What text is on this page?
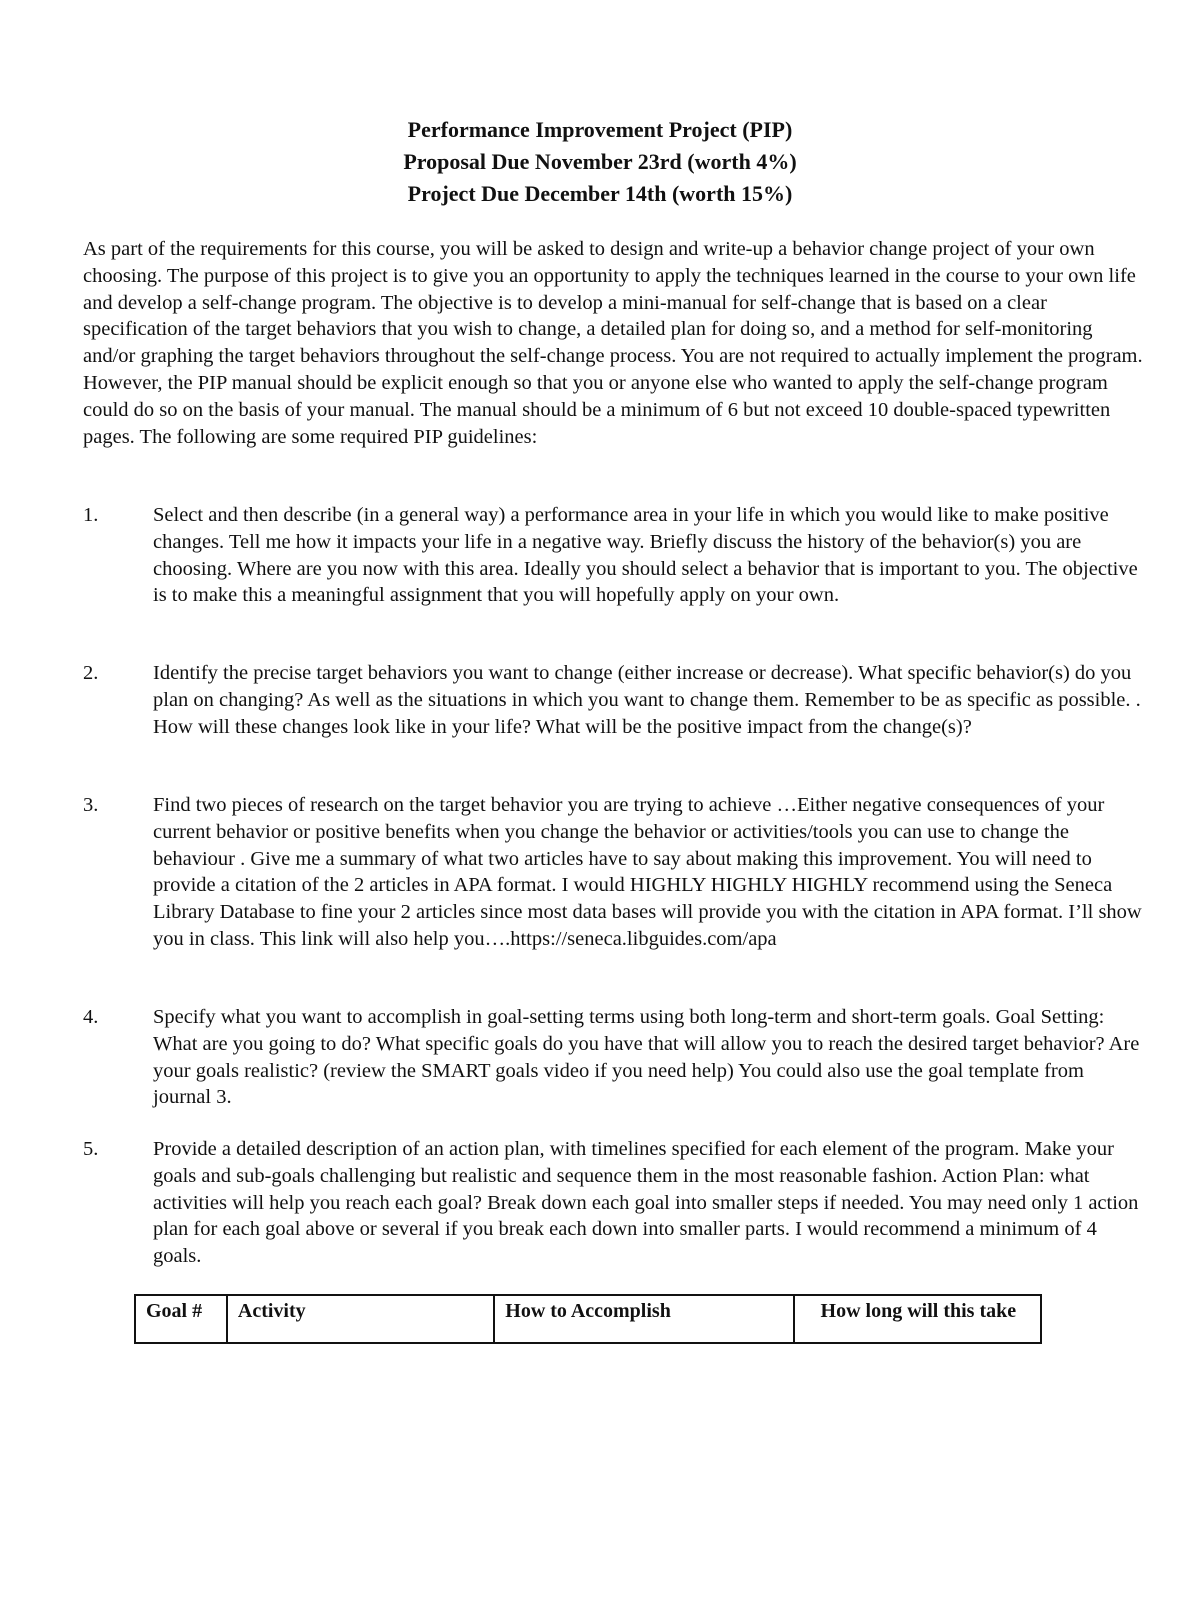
Performance Improvement Project (PIP)
Proposal Due November 23rd (worth 4%)
Project Due December 14th (worth 15%)

As part of the requirements for this course, you will be asked to design and write-up a behavior change project of your own choosing. The purpose of this project is to give you an opportunity to apply the techniques learned in the course to your own life and develop a self-change program. The objective is to develop a mini-manual for self-change that is based on a clear specification of the target behaviors that you wish to change, a detailed plan for doing so, and a method for self-monitoring and/or graphing the target behaviors throughout the self-change process. You are not required to actually implement the program. However, the PIP manual should be explicit enough so that you or anyone else who wanted to apply the self-change program could do so on the basis of your manual. The manual should be a minimum of 6 but not exceed 10 double-spaced typewritten pages. The following are some required PIP guidelines:

1.	Select and then describe (in a general way) a performance area in your life in which you would like to make positive changes. Tell me how it impacts your life in a negative way. Briefly discuss the history of the behavior(s) you are choosing. Where are you now with this area. Ideally you should select a behavior that is important to you. The objective is to make this a meaningful assignment that you will hopefully apply on your own.
2.	Identify the precise target behaviors you want to change (either increase or decrease). What specific behavior(s) do you plan on changing? As well as the situations in which you want to change them. Remember to be as specific as possible. . How will these changes look like in your life? What will be the positive impact from the change(s)?
3.	Find two pieces of research on the target behavior you are trying to achieve …Either negative consequences of your current behavior or positive benefits when you change the behavior or activities/tools you can use to change the behaviour . Give me a summary of what two articles have to say about making this improvement. You will need to provide a citation of the 2 articles in APA format. I would HIGHLY HIGHLY HIGHLY recommend using the Seneca Library Database to fine your 2 articles since most data bases will provide you with the citation in APA format. I’ll show you in class. This link will also help you….https://seneca.libguides.com/apa
4.	Specify what you want to accomplish in goal-setting terms using both long-term and short-term goals. Goal Setting: What are you going to do? What specific goals do you have that will allow you to reach the desired target behavior? Are your goals realistic? (review the SMART goals video if you need help) You could also use the goal template from journal 3.
5.	Provide a detailed description of an action plan, with timelines specified for each element of the program. Make your goals and sub-goals challenging but realistic and sequence them in the most reasonable fashion. Action Plan: what activities will help you reach each goal? Break down each goal into smaller steps if needed. You may need only 1 action plan for each goal above or several if you break each down into smaller parts. I would recommend a minimum of 4 goals.
Goal #	Activity	How to Accomplish	How long will this take
